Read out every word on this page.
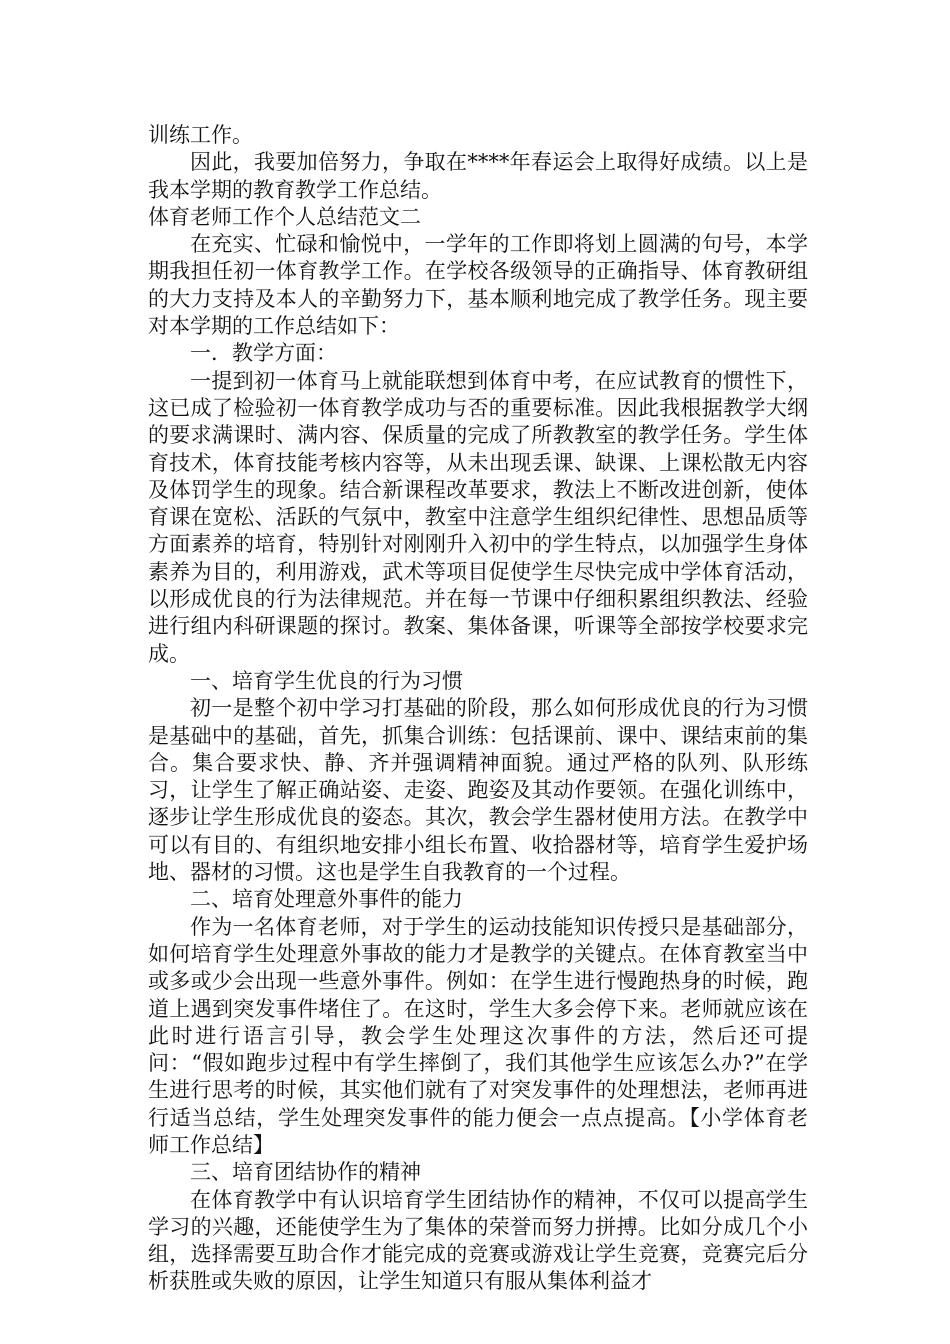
训练工作。

因此，我要加倍努力，争取在****年春运会上取得好成绩。以上是我本学期的教育教学工作总结。

体育老师工作个人总结范文二

在充实、忙碌和愉悦中，一学年的工作即将划上圆满的句号，本学期我担任初一体育教学工作。在学校各级领导的正确指导、体育教研组的大力支持及本人的辛勤努力下，基本顺利地完成了教学任务。现主要对本学期的工作总结如下：

一．教学方面：

一提到初一体育马上就能联想到体育中考，在应试教育的惯性下，这已成了检验初一体育教学成功与否的重要标准。因此我根据教学大纲的要求满课时、满内容、保质量的完成了所教教室的教学任务。学生体育技术，体育技能考核内容等，从未出现丢课、缺课、上课松散无内容及体罚学生的现象。结合新课程改革要求，教法上不断改进创新，使体育课在宽松、活跃的气氛中，教室中注意学生组织纪律性、思想品质等方面素养的培育，特别针对刚刚升入初中的学生特点，以加强学生身体素养为目的，利用游戏，武术等项目促使学生尽快完成中学体育活动，以形成优良的行为法律规范。并在每一节课中仔细积累组织教法、经验进行组内科研课题的探讨。教案、集体备课，听课等全部按学校要求完成。

一、培育学生优良的行为习惯

初一是整个初中学习打基础的阶段，那么如何形成优良的行为习惯是基础中的基础，首先，抓集合训练：包括课前、课中、课结束前的集合。集合要求快、静、齐并强调精神面貌。通过严格的队列、队形练习，让学生了解正确站姿、走姿、跑姿及其动作要领。在强化训练中，逐步让学生形成优良的姿态。其次，教会学生器材使用方法。在教学中可以有目的、有组织地安排小组长布置、收拾器材等，培育学生爱护场地、器材的习惯。这也是学生自我教育的一个过程。

二、培育处理意外事件的能力

作为一名体育老师，对于学生的运动技能知识传授只是基础部分，如何培育学生处理意外事故的能力才是教学的关键点。在体育教室当中或多或少会出现一些意外事件。例如：在学生进行慢跑热身的时候，跑道上遇到突发事件堵住了。在这时，学生大多会停下来。老师就应该在此时进行语言引导，教会学生处理这次事件的方法，然后还可提问：“假如跑步过程中有学生摔倒了，我们其他学生应该怎么办?”在学生进行思考的时候，其实他们就有了对突发事件的处理想法，老师再进行适当总结，学生处理突发事件的能力便会一点点提高。【小学体育老师工作总结】

三、培育团结协作的精神

在体育教学中有认识培育学生团结协作的精神，不仅可以提高学生学习的兴趣，还能使学生为了集体的荣誉而努力拼搏。比如分成几个小组，选择需要互助合作才能完成的竞赛或游戏让学生竞赛，竞赛完后分析获胜或失败的原因，让学生知道只有服从集体利益才
